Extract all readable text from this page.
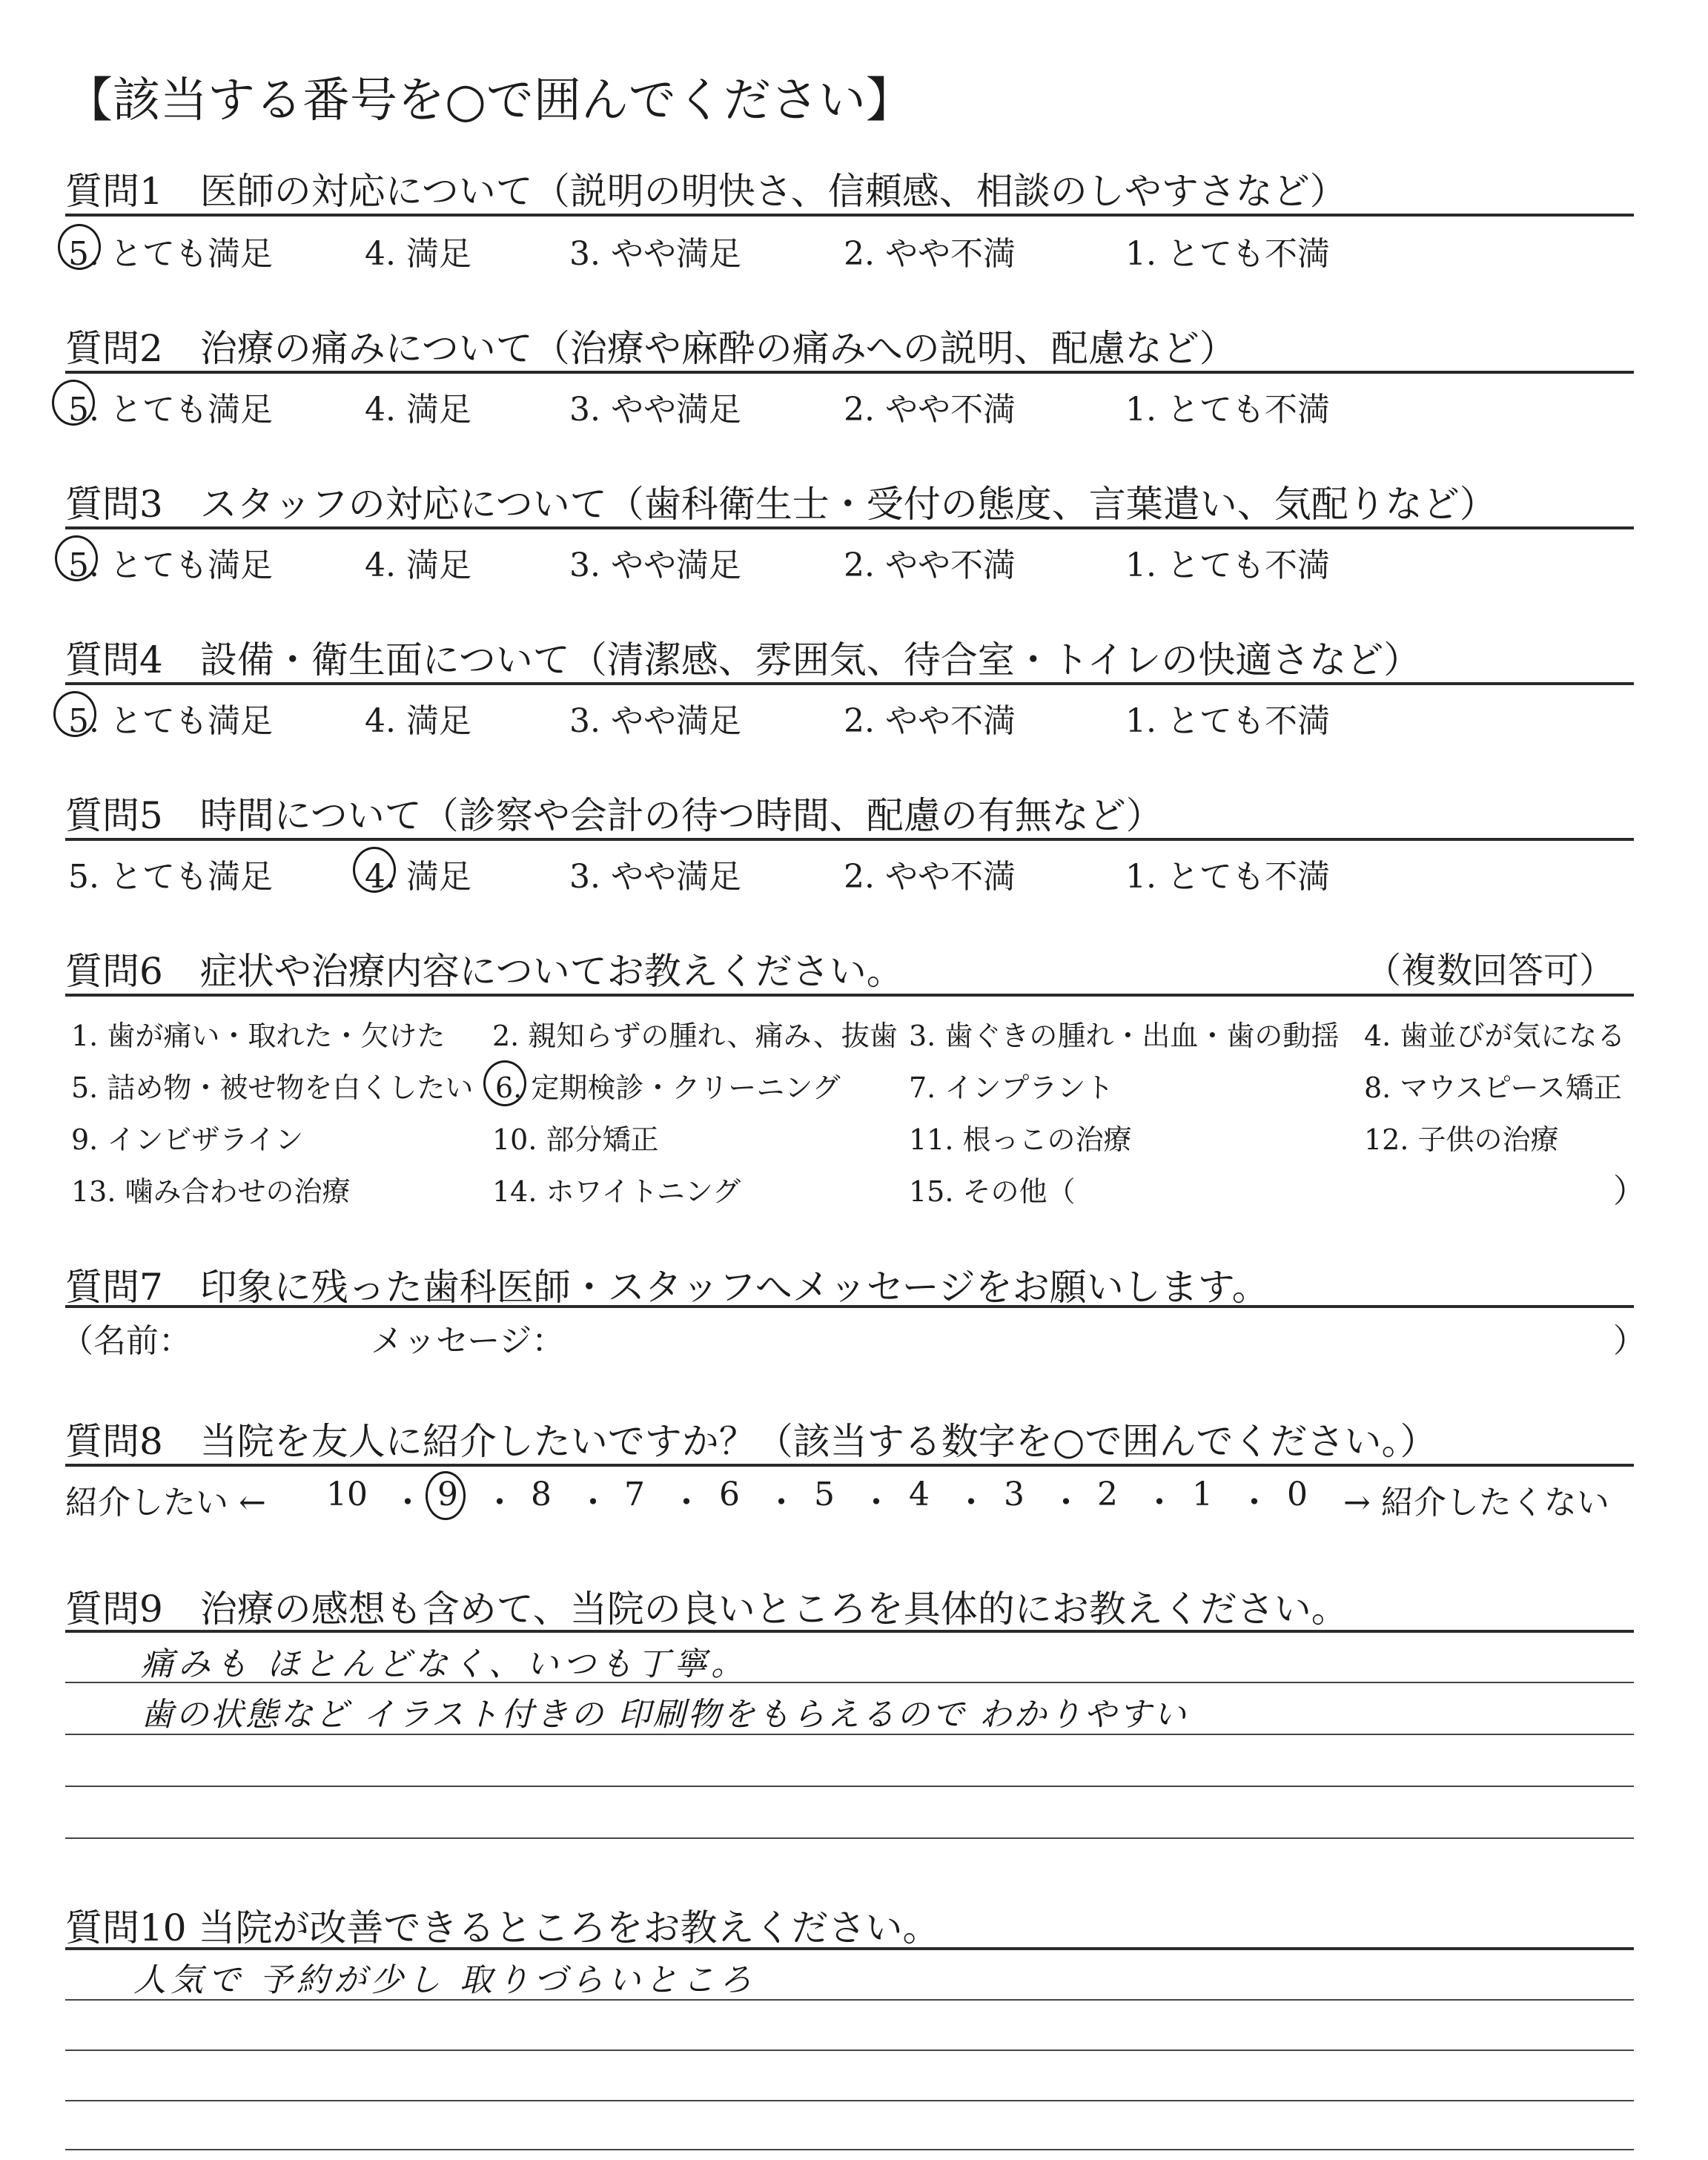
【該当する番号を○で囲んでください】
質問1　医師の対応について（説明の明快さ、信頼感、相談のしやすさなど）
5. とても満足	4. 満足	3. やや満足	2. やや不満	1. とても不満
質問2　治療の痛みについて（治療や麻酔の痛みへの説明、配慮など）
5. とても満足	4. 満足	3. やや満足	2. やや不満	1. とても不満
質問3　スタッフの対応について（歯科衛生士・受付の態度、言葉遣い、気配りなど）
5. とても満足	4. 満足	3. やや満足	2. やや不満	1. とても不満
質問4　設備・衛生面について（清潔感、雰囲気、待合室・トイレの快適さなど）
5. とても満足	4. 満足	3. やや満足	2. やや不満	1. とても不満
質問5　時間について（診察や会計の待つ時間、配慮の有無など）
5. とても満足	4. 満足	3. やや満足	2. やや不満	1. とても不満
質問6　症状や治療内容についてお教えください。	（複数回答可）
1. 歯が痛い・取れた・欠けた 2. 親知らずの腫れ、痛み、抜歯 3. 歯ぐきの腫れ・出血・歯の動揺 4. 歯並びが気になる
5. 詰め物・被せ物を白くしたい 6. 定期検診・クリーニング 7. インプラント	8. マウスピース矯正
9. インビザライン	10. 部分矯正	11. 根っこの治療	12. 子供の治療
13. 噛み合わせの治療	14. ホワイトニング	15. その他（	）
質問7　印象に残った歯科医師・スタッフへメッセージをお願いします。
（名前：	メッセージ：	）
質問8　当院を友人に紹介したいですか？（該当する数字を○で囲んでください。）
紹介したい ← 10 ・ 9 ・ 8 ・ 7 ・ 6 ・ 5 ・ 4 ・ 3 ・ 2 ・ 1 ・ 0 → 紹介したくない
質問9　治療の感想も含めて、当院の良いところを具体的にお教えください。
痛みも ほとんどなく、いつも丁寧。
歯の状態など イラスト付きの 印刷物をもらえるので わかりやすい
質問10 当院が改善できるところをお教えください。
人気で 予約が少し 取りづらいところ
